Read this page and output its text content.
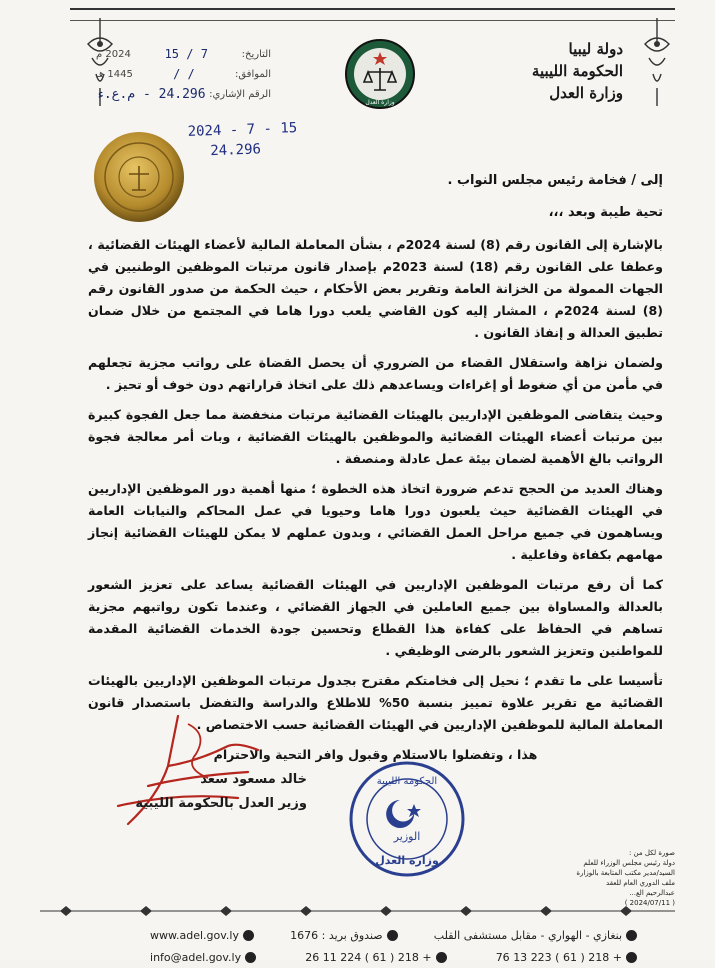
التاريخ:
7 / 15
2024 م
الموافق:
/ /
1445 هـ
الرقم الإشاري:
24.296 - م.ع.ء
وزارة العدل
دولة ليبيا
الحكومة الليبية
وزارة العدل
2024 - 7 - 15
24.296
إلى / فخامة رئيس مجلس النواب .
تحية طيبة وبعد ،،،

بالإشارة إلى القانون رقم (8) لسنة 2024م ، بشأن المعاملة المالية لأعضاء الهيئات القضائية ، وعطفا على القانون رقم (18) لسنة 2023م بإصدار قانون مرتبات الموظفين الوطنيين في الجهات الممولة من الخزانة العامة وتقرير بعض الأحكام ، حيث الحكمة من صدور القانون رقم (8) لسنة 2024م ، المشار إليه كون القاضي يلعب دورا هاما في المجتمع من خلال ضمان تطبيق العدالة و إنفاذ القانون .

ولضمان نزاهة واستقلال القضاء من الضروري أن يحصل القضاة على رواتب مجزية تجعلهم في مأمن من أي ضغوط أو إغراءات ويساعدهم ذلك على اتخاذ قراراتهم دون خوف أو تحيز .

وحيث يتقاضى الموظفين الإداريين بالهيئات القضائية مرتبات منخفضة مما جعل الفجوة كبيرة بين مرتبات أعضاء الهيئات القضائية والموظفين بالهيئات القضائية ، وبات أمر معالجة فجوة الرواتب بالغ الأهمية لضمان بيئة عمل عادلة ومنصفة .

وهناك العديد من الحجج تدعم ضرورة اتخاذ هذه الخطوة ؛ منها أهمية دور الموظفين الإداريين في الهيئات القضائية حيث يلعبون دورا هاما وحيويا في عمل المحاكم والنيابات العامة ويساهمون في جميع مراحل العمل القضائي ، وبدون عملهم لا يمكن للهيئات القضائية إنجاز مهامهم بكفاءة وفاعلية .

كما أن رفع مرتبات الموظفين الإداريين في الهيئات القضائية يساعد على تعزيز الشعور بالعدالة والمساواة بين جميع العاملين في الجهاز القضائي ، وعندما تكون رواتبهم مجزية تساهم في الحفاظ على كفاءة هذا القطاع وتحسين جودة الخدمات القضائية المقدمة للمواطنين وتعزيز الشعور بالرضى الوظيفي .

تأسيسا على ما تقدم ؛ نحيل إلى فخامتكم مقترح بجدول مرتبات الموظفين الإداريين بالهيئات القضائية مع تقرير علاوة تمييز بنسبة 50% للاطلاع والدراسة والتفضل باستصدار قانون المعاملة المالية للموظفين الإداريين في الهيئات القضائية حسب الاختصاص .

هذا ، وتفضلوا بالاستلام وقبول وافر التحية والاحترام
خالد مسعود سعد
وزير العدل بالحكومة الليبية
الحكومة الليبية
الوزير
وزارة العدل
صورة لكل من :
دولة رئيس مجلس الوزراء للعلم
السيد/مدير مكتب المتابعة بالوزارة
ملف الدوري العام للعقد
عبدالرحيم الع...
( 2024/07/11 )
بنغازي - الهواري - مقابل مستشفى القلب
صندوق بريد : 1676
www.adel.gov.ly
+ 218 ( 61 ) 223 13 76
+ 218 ( 61 ) 224 11 26
info@adel.gov.ly
